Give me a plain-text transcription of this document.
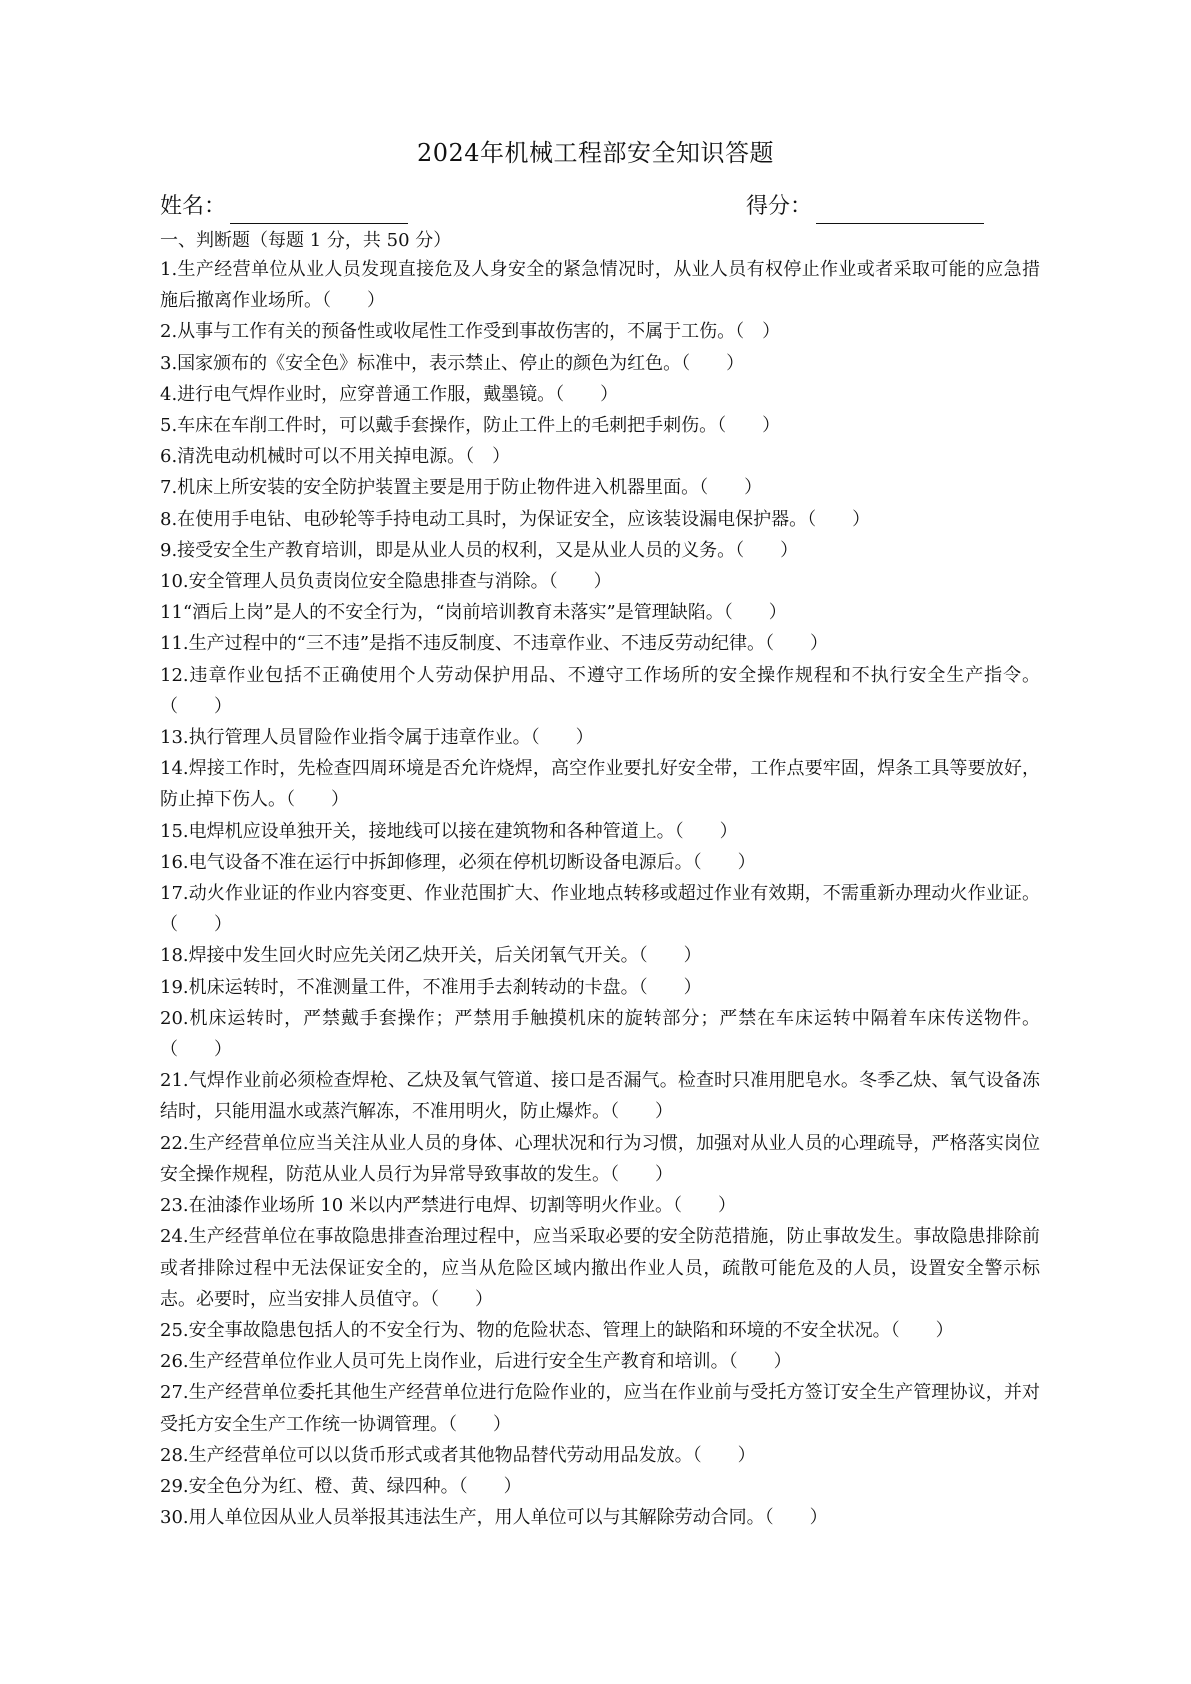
2024年机械工程部安全知识答题
姓名：	得分：
一、判断题（每题 1 分，共 50 分）
1.生产经营单位从业人员发现直接危及人身安全的紧急情况时，从业人员有权停止作业或者采取可能的应急措施后撤离作业场所。（　　）
2.从事与工作有关的预备性或收尾性工作受到事故伤害的，不属于工伤。（　）
3.国家颁布的《安全色》标准中，表示禁止、停止的颜色为红色。（　　）
4.进行电气焊作业时，应穿普通工作服，戴墨镜。（　　）
5.车床在车削工件时，可以戴手套操作，防止工件上的毛刺把手刺伤。（　　）
6.清洗电动机械时可以不用关掉电源。（　）
7.机床上所安装的安全防护装置主要是用于防止物件进入机器里面。（　　）
8.在使用手电钻、电砂轮等手持电动工具时，为保证安全，应该装设漏电保护器。（　　）
9.接受安全生产教育培训，即是从业人员的权利，又是从业人员的义务。（　　）
10.安全管理人员负责岗位安全隐患排查与消除。（　　）
11“酒后上岗”是人的不安全行为，“岗前培训教育未落实”是管理缺陷。（　　）
11.生产过程中的“三不违”是指不违反制度、不违章作业、不违反劳动纪律。（　　）
12.违章作业包括不正确使用个人劳动保护用品、不遵守工作场所的安全操作规程和不执行安全生产指令。（　　）
13.执行管理人员冒险作业指令属于违章作业。（　　）
14.焊接工作时，先检查四周环境是否允许烧焊，高空作业要扎好安全带，工作点要牢固，焊条工具等要放好，防止掉下伤人。（　　）
15.电焊机应设单独开关，接地线可以接在建筑物和各种管道上。（　　）
16.电气设备不准在运行中拆卸修理，必须在停机切断设备电源后。（　　）
17.动火作业证的作业内容变更、作业范围扩大、作业地点转移或超过作业有效期，不需重新办理动火作业证。（　　）
18.焊接中发生回火时应先关闭乙炔开关，后关闭氧气开关。（　　）
19.机床运转时，不准测量工件，不准用手去刹转动的卡盘。（　　）
20.机床运转时，严禁戴手套操作；严禁用手触摸机床的旋转部分；严禁在车床运转中隔着车床传送物件。（　　）
21.气焊作业前必须检查焊枪、乙炔及氧气管道、接口是否漏气。检查时只准用肥皂水。冬季乙炔、氧气设备冻结时，只能用温水或蒸汽解冻，不准用明火，防止爆炸。（　　）
22.生产经营单位应当关注从业人员的身体、心理状况和行为习惯，加强对从业人员的心理疏导，严格落实岗位安全操作规程，防范从业人员行为异常导致事故的发生。（　　）
23.在油漆作业场所 10 米以内严禁进行电焊、切割等明火作业。（　　）
24.生产经营单位在事故隐患排查治理过程中，应当采取必要的安全防范措施，防止事故发生。事故隐患排除前或者排除过程中无法保证安全的，应当从危险区域内撤出作业人员，疏散可能危及的人员，设置安全警示标志。必要时，应当安排人员值守。（　　）
25.安全事故隐患包括人的不安全行为、物的危险状态、管理上的缺陷和环境的不安全状况。（　　）
26.生产经营单位作业人员可先上岗作业，后进行安全生产教育和培训。（　　）
27.生产经营单位委托其他生产经营单位进行危险作业的，应当在作业前与受托方签订安全生产管理协议，并对受托方安全生产工作统一协调管理。（　　）
28.生产经营单位可以以货币形式或者其他物品替代劳动用品发放。（　　）
29.安全色分为红、橙、黄、绿四种。（　　）
30.用人单位因从业人员举报其违法生产，用人单位可以与其解除劳动合同。（　　）
